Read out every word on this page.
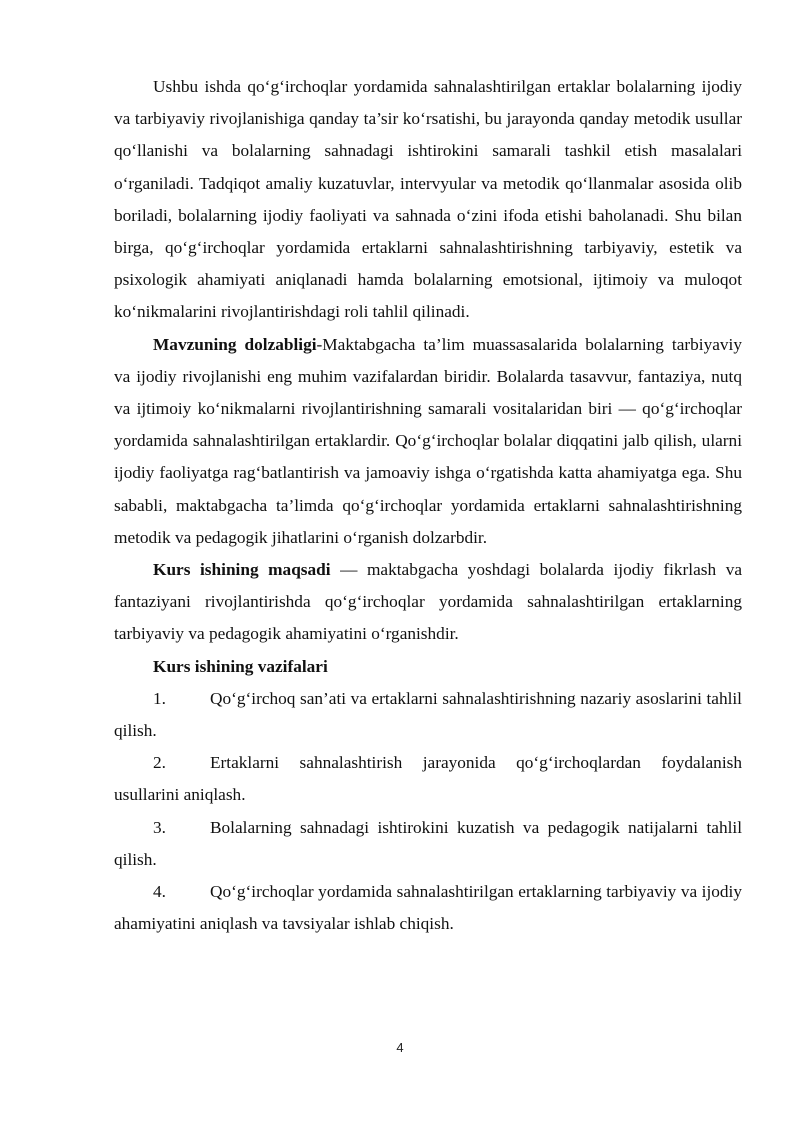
Ushbu ishda qo‘g‘irchoqlar yordamida sahnalashtirilgan ertaklar bolalarning ijodiy va tarbiyaviy rivojlanishiga qanday ta’sir ko‘rsatishi, bu jarayonda qanday metodik usullar qo‘llanishi va bolalarning sahnadagi ishtirokini samarali tashkil etish masalalari o‘rganiladi. Tadqiqot amaliy kuzatuvlar, intervyular va metodik qo‘llanmalar asosida olib boriladi, bolalarning ijodiy faoliyati va sahnada o‘zini ifoda etishi baholanadi. Shu bilan birga, qo‘g‘irchoqlar yordamida ertaklarni sahnalashtirishning tarbiyaviy, estetik va psixologik ahamiyati aniqlanadi hamda bolalarning emotsional, ijtimoiy va muloqot ko‘nikmalarini rivojlantirishdagi roli tahlil qilinadi.

Mavzuning dolzabligi-Maktabgacha ta’lim muassasalarida bolalarning tarbiyaviy va ijodiy rivojlanishi eng muhim vazifalardan biridir. Bolalarda tasavvur, fantaziya, nutq va ijtimoiy ko‘nikmalarni rivojlantirishning samarali vositalaridan biri — qo‘g‘irchoqlar yordamida sahnalashtirilgan ertaklardir. Qo‘g‘irchoqlar bolalar diqqatini jalb qilish, ularni ijodiy faoliyatga rag‘batlantirish va jamoaviy ishga o‘rgatishda katta ahamiyatga ega. Shu sababli, maktabgacha ta’limda qo‘g‘irchoqlar yordamida ertaklarni sahnalashtirishning metodik va pedagogik jihatlarini o‘rganish dolzarbdir.

Kurs ishining maqsadi — maktabgacha yoshdagi bolalarda ijodiy fikrlash va fantaziyani rivojlantirishda qo‘g‘irchoqlar yordamida sahnalashtirilgan ertaklarning tarbiyaviy va pedagogik ahamiyatini o‘rganishdir.

Kurs ishining vazifalari

1.	Qo‘g‘irchoq san’ati va ertaklarni sahnalashtirishning nazariy asoslarini tahlil qilish.

2.	Ertaklarni sahnalashtirish jarayonida qo‘g‘irchoqlardan foydalanish usullarini aniqlash.

3.	Bolalarning sahnadagi ishtirokini kuzatish va pedagogik natijalarni tahlil qilish.

4.	Qo‘g‘irchoqlar yordamida sahnalashtirilgan ertaklarning tarbiyaviy va ijodiy ahamiyatini aniqlash va tavsiyalar ishlab chiqish.

4
